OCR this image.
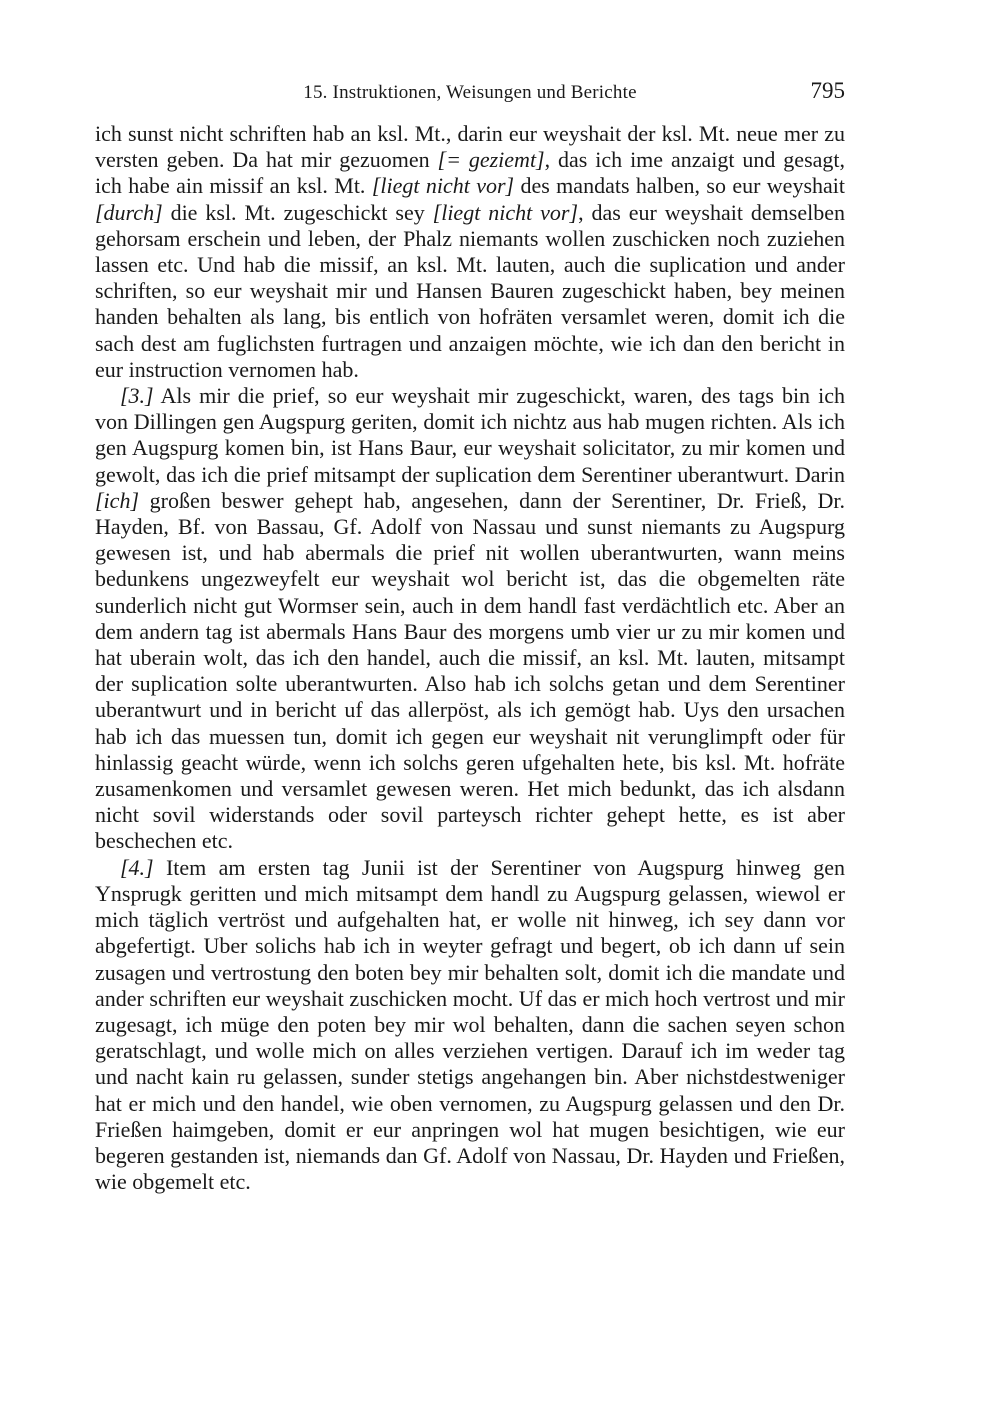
15. Instruktionen, Weisungen und Berichte	795

ich sunst nicht schriften hab an ksl. Mt., darin eur weyshait der ksl. Mt. neue mer zu versten geben. Da hat mir gezuomen [= geziemt], das ich ime anzaigt und gesagt, ich habe ain missif an ksl. Mt. [liegt nicht vor] des mandats halben, so eur weyshait [durch] die ksl. Mt. zugeschickt sey [liegt nicht vor], das eur weyshait demselben gehorsam erschein und leben, der Phalz niemants wollen zuschicken noch zuziehen lassen etc. Und hab die missif, an ksl. Mt. lauten, auch die suplication und ander schriften, so eur weyshait mir und Hansen Bauren zugeschickt haben, bey meinen handen behalten als lang, bis entlich von hofräten versamlet weren, domit ich die sach dest am fuglichsten furtragen und anzaigen möchte, wie ich dan den bericht in eur instruction vernomen hab.

[3.] Als mir die prief, so eur weyshait mir zugeschickt, waren, des tags bin ich von Dillingen gen Augspurg geriten, domit ich nichtz aus hab mugen richten. Als ich gen Augspurg komen bin, ist Hans Baur, eur weyshait solicitator, zu mir komen und gewolt, das ich die prief mitsampt der suplication dem Serentiner uberantwurt. Darin [ich] großen beswer gehept hab, angesehen, dann der Serentiner, Dr. Frieß, Dr. Hayden, Bf. von Bassau, Gf. Adolf von Nassau und sunst niemants zu Augspurg gewesen ist, und hab abermals die prief nit wollen uberantwurten, wann meins bedunkens ungezweyfelt eur weyshait wol bericht ist, das die obgemelten räte sunderlich nicht gut Wormser sein, auch in dem handl fast verdächtlich etc. Aber an dem andern tag ist abermals Hans Baur des morgens umb vier ur zu mir komen und hat uberain wolt, das ich den handel, auch die missif, an ksl. Mt. lauten, mitsampt der suplication solte uberantwurten. Also hab ich solchs getan und dem Serentiner uberantwurt und in bericht uf das allerpöst, als ich gemögt hab. Uys den ursachen hab ich das muessen tun, domit ich gegen eur weyshait nit verunglimpft oder für hinlassig geacht würde, wenn ich solchs geren ufgehalten hete, bis ksl. Mt. hofräte zusamenkomen und versamlet gewesen weren. Het mich bedunkt, das ich alsdann nicht sovil widerstands oder sovil parteysch richter gehept hette, es ist aber beschechen etc.

[4.] Item am ersten tag Junii ist der Serentiner von Augspurg hinweg gen Ynsprugk geritten und mich mitsampt dem handl zu Augspurg gelassen, wiewol er mich täglich vertröst und aufgehalten hat, er wolle nit hinweg, ich sey dann vor abgefertigt. Uber solichs hab ich in weyter gefragt und begert, ob ich dann uf sein zusagen und vertrostung den boten bey mir behalten solt, domit ich die mandate und ander schriften eur weyshait zuschicken mocht. Uf das er mich hoch vertrost und mir zugesagt, ich müge den poten bey mir wol behalten, dann die sachen seyen schon geratschlagt, und wolle mich on alles verziehen vertigen. Darauf ich im weder tag und nacht kain ru gelassen, sunder stetigs angehangen bin. Aber nichstdestweniger hat er mich und den handel, wie oben vernomen, zu Augspurg gelassen und den Dr. Frießen haimgeben, domit er eur anpringen wol hat mugen besichtigen, wie eur begeren gestanden ist, niemands dan Gf. Adolf von Nassau, Dr. Hayden und Frießen, wie obgemelt etc.
